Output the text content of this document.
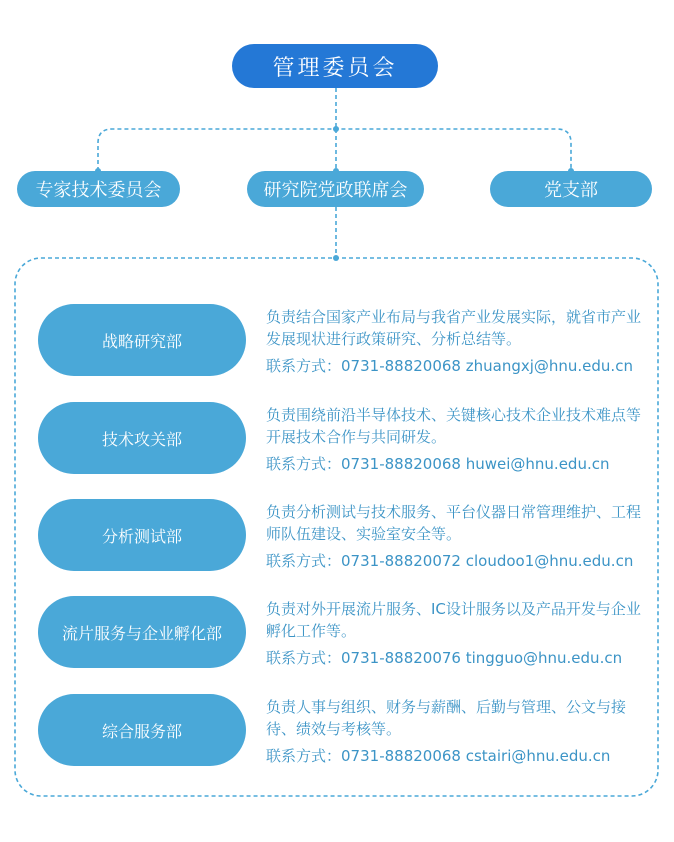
管理委员会
专家技术委员会	研究院党政联席会	党支部
战略研究部
负责结合国家产业布局与我省产业发展实际，就省市产业发展现状进行政策研究、分析总结等。
联系方式：0731-88820068 zhuangxj@hnu.edu.cn
技术攻关部
负责围绕前沿半导体技术、关键核心技术企业技术难点等开展技术合作与共同研发。
联系方式：0731-88820068 huwei@hnu.edu.cn
分析测试部
负责分析测试与技术服务、平台仪器日常管理维护、工程师队伍建设、实验室安全等。
联系方式：0731-88820072 cloudoo1@hnu.edu.cn
流片服务与企业孵化部
负责对外开展流片服务、IC设计服务以及产品开发与企业孵化工作等。
联系方式：0731-88820076 tingguo@hnu.edu.cn
综合服务部
负责人事与组织、财务与薪酬、后勤与管理、公文与接待、绩效与考核等。
联系方式：0731-88820068 cstairi@hnu.edu.cn
